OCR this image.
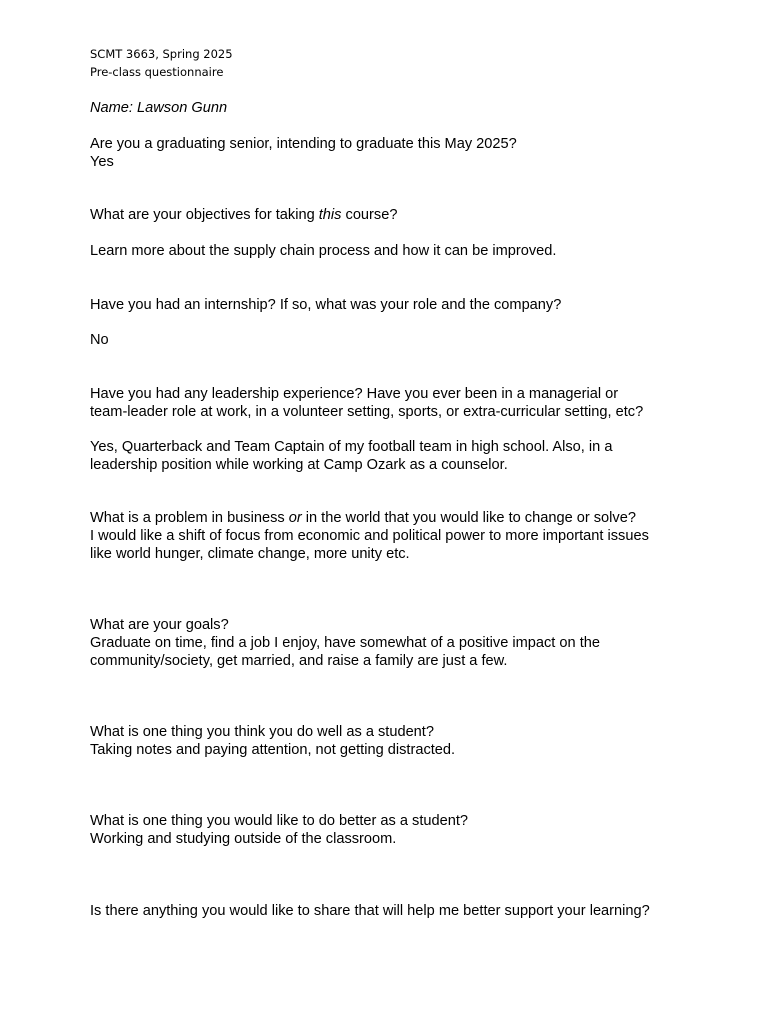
SCMT 3663, Spring 2025
Pre-class questionnaire
Name: Lawson Gunn
Are you a graduating senior, intending to graduate this May 2025?
Yes
What are your objectives for taking this course?
Learn more about the supply chain process and how it can be improved.
Have you had an internship? If so, what was your role and the company?
No
Have you had any leadership experience? Have you ever been in a managerial or
team-leader role at work, in a volunteer setting, sports, or extra-curricular setting, etc?
Yes, Quarterback and Team Captain of my football team in high school. Also, in a
leadership position while working at Camp Ozark as a counselor.
What is a problem in business or in the world that you would like to change or solve?
I would like a shift of focus from economic and political power to more important issues
like world hunger, climate change, more unity etc.
What are your goals?
Graduate on time, find a job I enjoy, have somewhat of a positive impact on the
community/society, get married, and raise a family are just a few.
What is one thing you think you do well as a student?
Taking notes and paying attention, not getting distracted.
What is one thing you would like to do better as a student?
Working and studying outside of the classroom.
Is there anything you would like to share that will help me better support your learning?
